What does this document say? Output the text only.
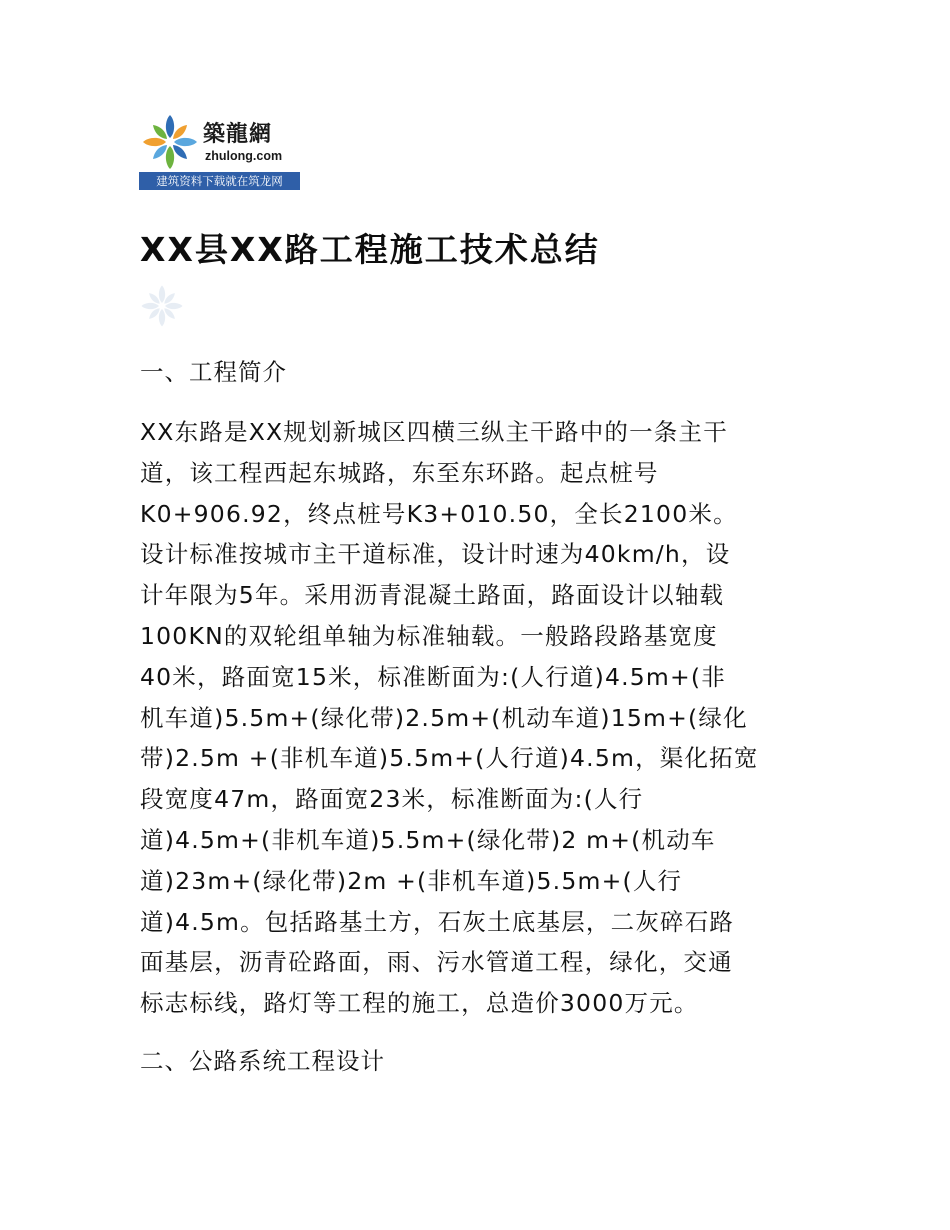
築龍網
zhulong.com
建筑资料下载就在筑龙网
XX县XX路工程施工技术总结
一、工程简介
XX东路是XX规划新城区四横三纵主干路中的一条主干
道，该工程西起东城路，东至东环路。起点桩号
K0+906.92，终点桩号K3+010.50，全长2100米。
设计标准按城市主干道标准，设计时速为40km/h，设
计年限为5年。采用沥青混凝土路面，路面设计以轴载
100KN的双轮组单轴为标准轴载。一般路段路基宽度
40米，路面宽15米，标准断面为:(人行道)4.5m+(非
机车道)5.5m+(绿化带)2.5m+(机动车道)15m+(绿化
带)2.5m +(非机车道)5.5m+(人行道)4.5m，渠化拓宽
段宽度47m，路面宽23米，标准断面为:(人行
道)4.5m+(非机车道)5.5m+(绿化带)2 m+(机动车
道)23m+(绿化带)2m +(非机车道)5.5m+(人行
道)4.5m。包括路基土方，石灰土底基层，二灰碎石路
面基层，沥青砼路面，雨、污水管道工程，绿化，交通
标志标线，路灯等工程的施工，总造价3000万元。
二、公路系统工程设计
